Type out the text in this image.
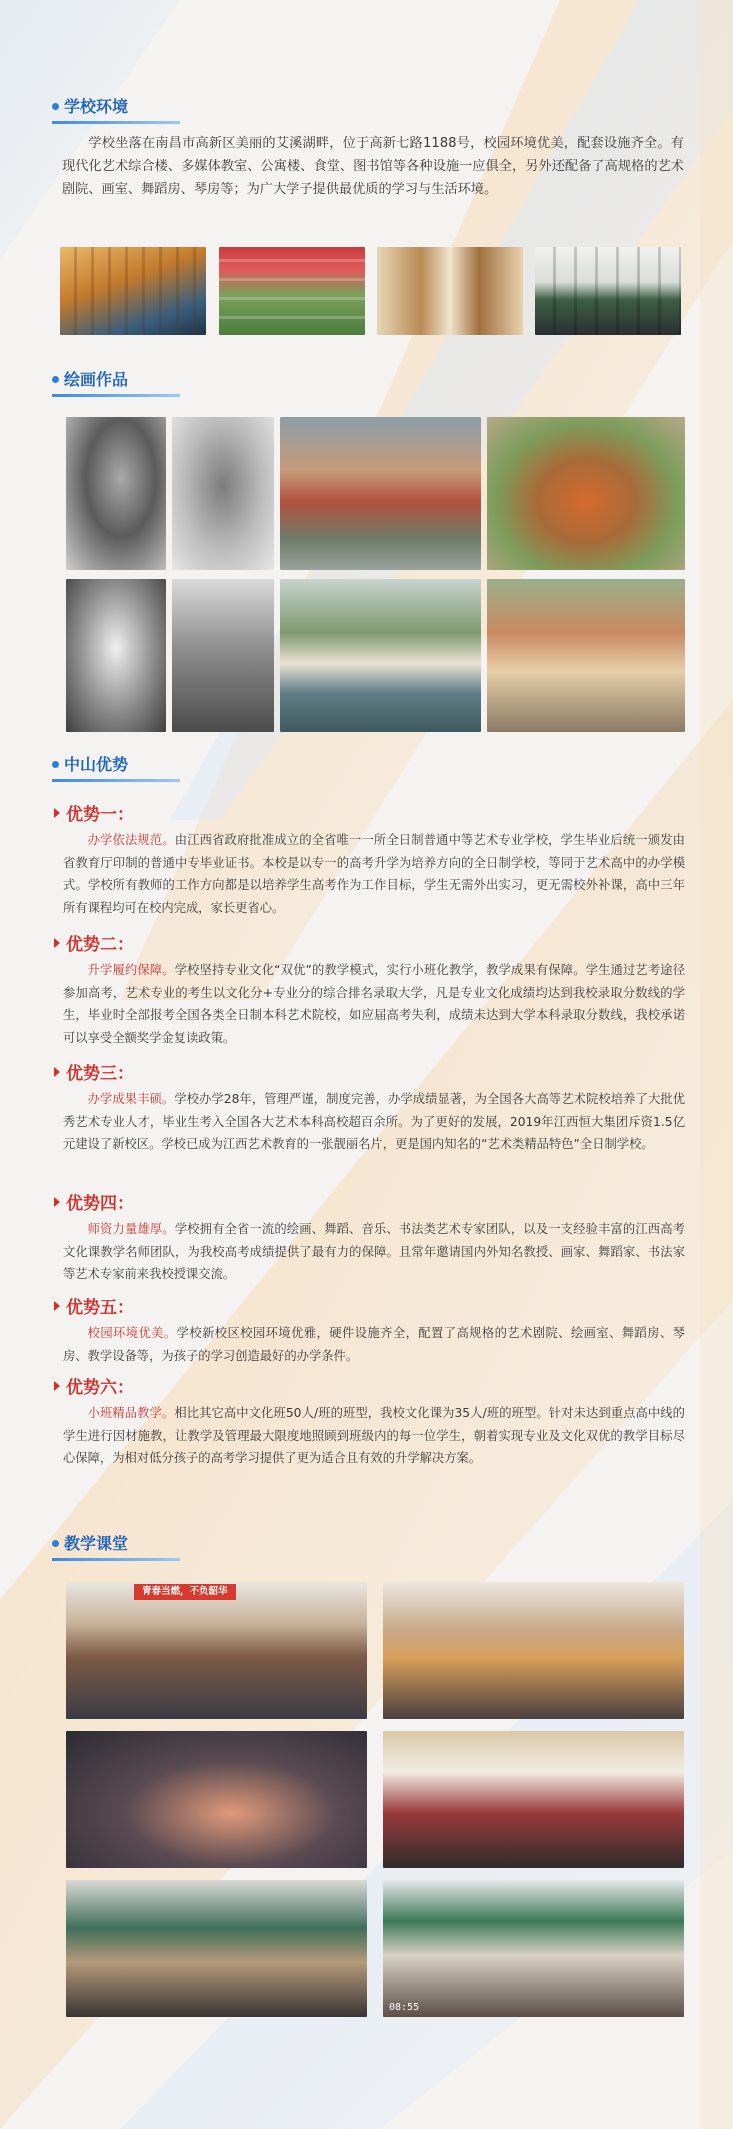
学校环境

学校坐落在南昌市高新区美丽的艾溪湖畔，位于高新七路1188号，校园环境优美，配套设施齐全。有现代化艺术综合楼、多媒体教室、公寓楼、食堂、图书馆等各种设施一应俱全，另外还配备了高规格的艺术剧院、画室、舞蹈房、琴房等；为广大学子提供最优质的学习与生活环境。

绘画作品
中山优势
优势一：

办学依法规范。由江西省政府批准成立的全省唯一一所全日制普通中等艺术专业学校，学生毕业后统一颁发由省教育厅印制的普通中专毕业证书。本校是以专一的高考升学为培养方向的全日制学校，等同于艺术高中的办学模式。学校所有教师的工作方向都是以培养学生高考作为工作目标，学生无需外出实习，更无需校外补课，高中三年所有课程均可在校内完成，家长更省心。

优势二：

升学履约保障。学校坚持专业文化“双优”的教学模式，实行小班化教学，教学成果有保障。学生通过艺考途径参加高考，艺术专业的考生以文化分+专业分的综合排名录取大学，凡是专业文化成绩均达到我校录取分数线的学生，毕业时全部报考全国各类全日制本科艺术院校，如应届高考失利，成绩未达到大学本科录取分数线，我校承诺可以享受全额奖学金复读政策。

优势三：

办学成果丰硕。学校办学28年，管理严谨，制度完善，办学成绩显著，为全国各大高等艺术院校培养了大批优秀艺术专业人才，毕业生考入全国各大艺术本科高校超百余所。为了更好的发展，2019年江西恒大集团斥资1.5亿元建设了新校区。学校已成为江西艺术教育的一张靓丽名片，更是国内知名的“艺术类精品特色”全日制学校。

优势四：

师资力量雄厚。学校拥有全省一流的绘画、舞蹈、音乐、书法类艺术专家团队，以及一支经验丰富的江西高考文化课教学名师团队，为我校高考成绩提供了最有力的保障。且常年邀请国内外知名教授、画家、舞蹈家、书法家等艺术专家前来我校授课交流。

优势五：

校园环境优美。学校新校区校园环境优雅，硬件设施齐全，配置了高规格的艺术剧院、绘画室、舞蹈房、琴房、教学设备等，为孩子的学习创造最好的办学条件。

优势六：

小班精品教学。相比其它高中文化班50人/班的班型，我校文化课为35人/班的班型。针对未达到重点高中线的学生进行因材施教，让教学及管理最大限度地照顾到班级内的每一位学生，朝着实现专业及文化双优的教学目标尽心保障，为相对低分孩子的高考学习提供了更为适合且有效的升学解决方案。

教学课堂
青春当燃，不负韶华
08:55
